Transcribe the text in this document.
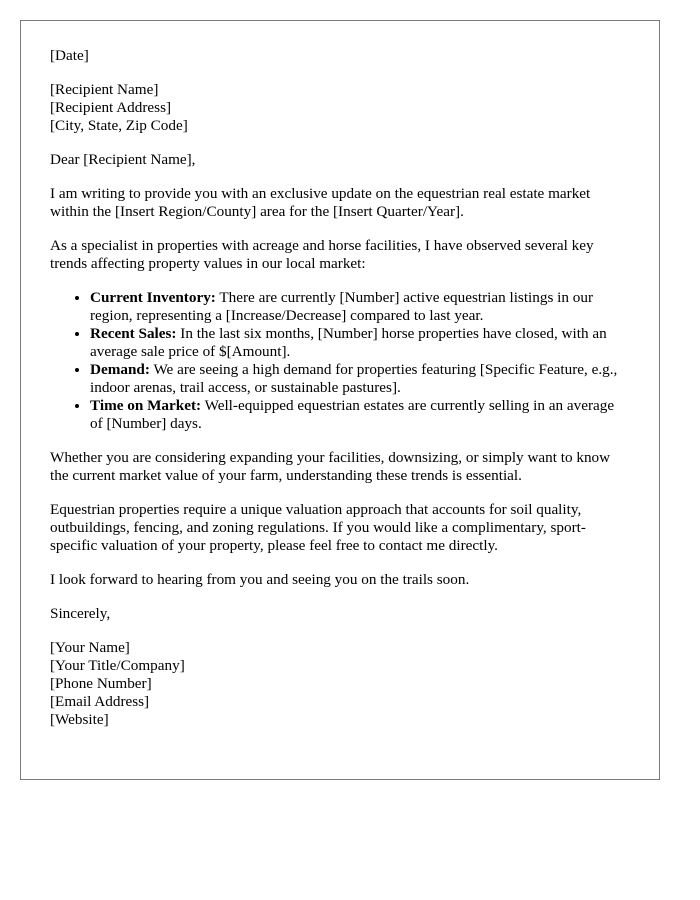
[Date]
[Recipient Name]
[Recipient Address]
[City, State, Zip Code]

Dear [Recipient Name],

I am writing to provide you with an exclusive update on the equestrian real estate market within the [Insert Region/County] area for the [Insert Quarter/Year].

As a specialist in properties with acreage and horse facilities, I have observed several key trends affecting property values in our local market:

• Current Inventory: There are currently [Number] active equestrian listings in our region, representing a [Increase/Decrease] compared to last year.
• Recent Sales: In the last six months, [Number] horse properties have closed, with an average sale price of $[Amount].
• Demand: We are seeing a high demand for properties featuring [Specific Feature, e.g., indoor arenas, trail access, or sustainable pastures].
• Time on Market: Well-equipped equestrian estates are currently selling in an average of [Number] days.

Whether you are considering expanding your facilities, downsizing, or simply want to know the current market value of your farm, understanding these trends is essential.

Equestrian properties require a unique valuation approach that accounts for soil quality, outbuildings, fencing, and zoning regulations. If you would like a complimentary, sport-specific valuation of your property, please feel free to contact me directly.

I look forward to hearing from you and seeing you on the trails soon.

Sincerely,

[Your Name]
[Your Title/Company]
[Phone Number]
[Email Address]
[Website]
